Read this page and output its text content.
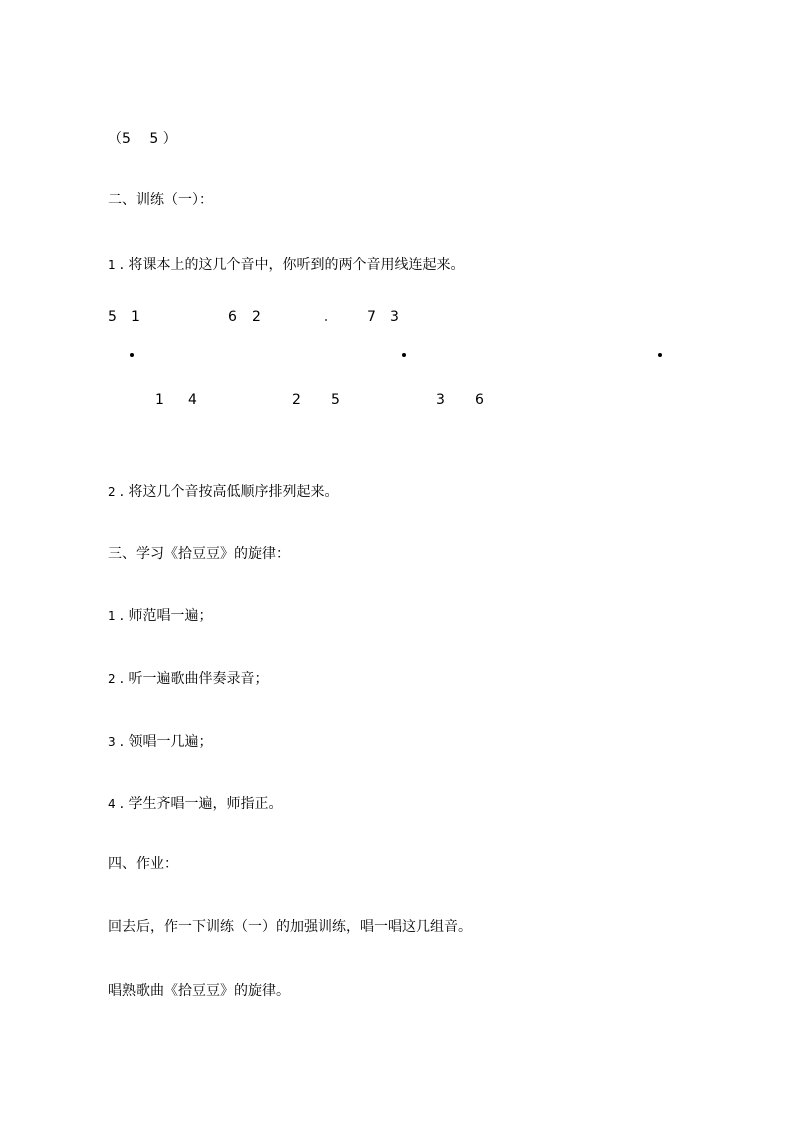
（5　 5 ）
二、训练（一）：
1 . 将课本上的这几个音中，你听到的两个音用线连起来。
5 1	6 2	7 3
1 4	2 5	3 6
2 . 将这几个音按高低顺序排列起来。
三、学习《拾豆豆》的旋律：
1 . 师范唱一遍；
2 . 听一遍歌曲伴奏录音；
3 . 领唱一几遍；
4 . 学生齐唱一遍，师指正。
四、作业：
回去后，作一下训练（一）的加强训练，唱一唱这几组音。
唱熟歌曲《拾豆豆》的旋律。
